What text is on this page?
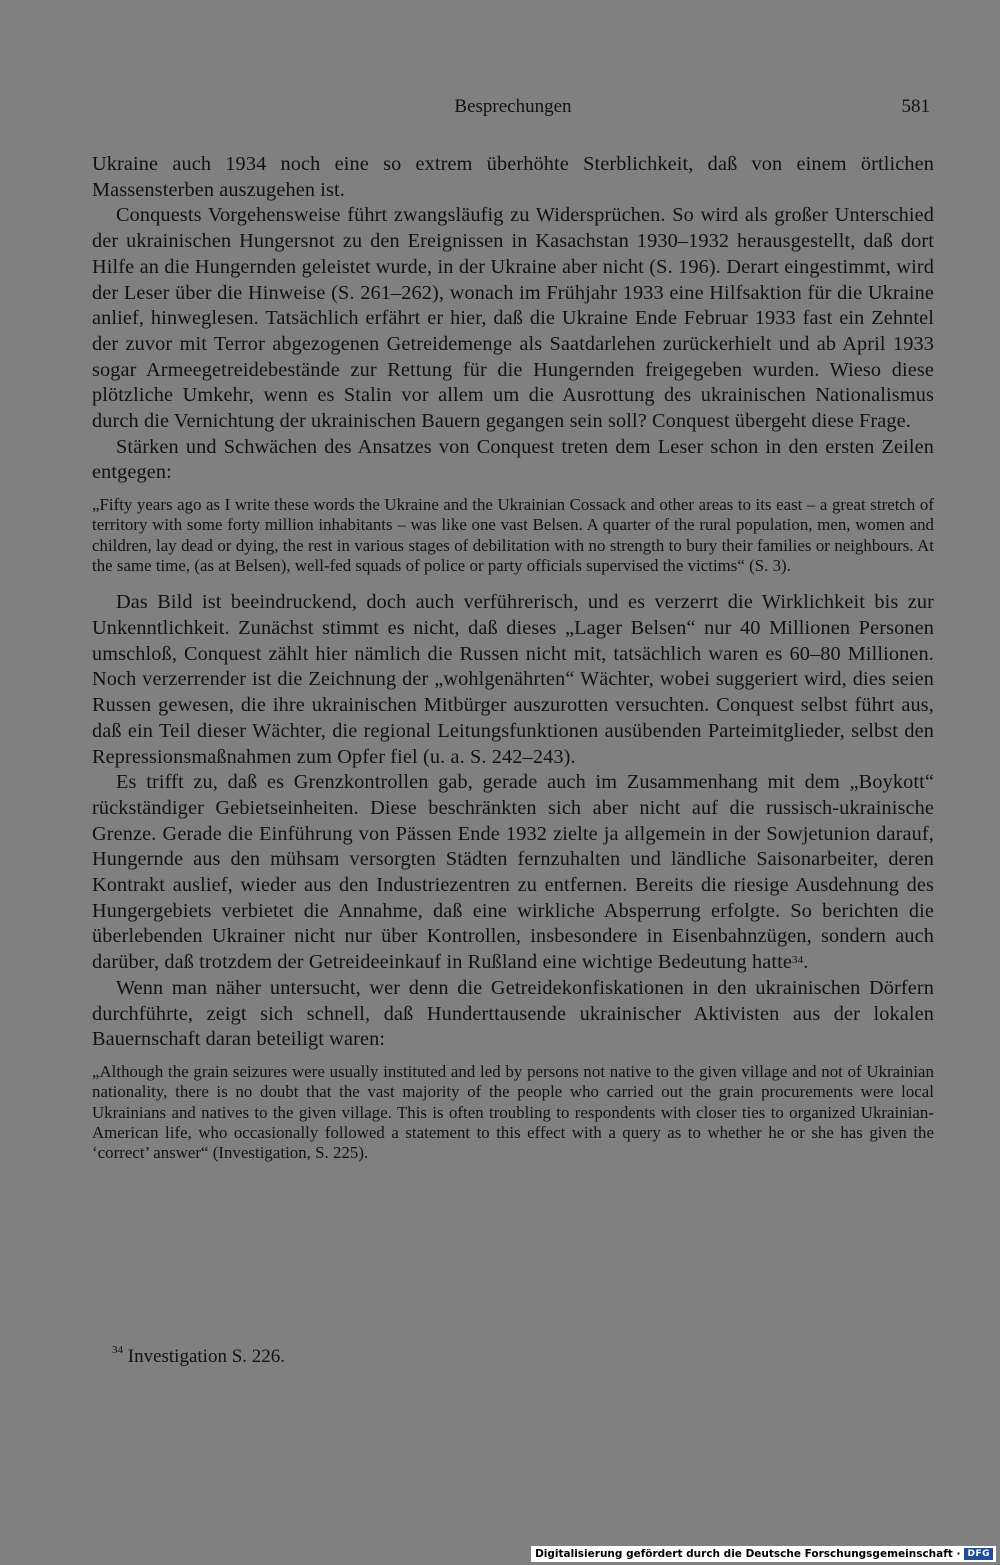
Besprechungen	581

Ukraine auch 1934 noch eine so extrem überhöhte Sterblichkeit, daß von einem örtlichen Massensterben auszugehen ist.

Conquests Vorgehensweise führt zwangsläufig zu Widersprüchen. So wird als großer Unterschied der ukrainischen Hungersnot zu den Ereignissen in Kasachstan 1930–1932 herausgestellt, daß dort Hilfe an die Hungernden geleistet wurde, in der Ukraine aber nicht (S. 196). Derart eingestimmt, wird der Leser über die Hinweise (S. 261–262), wonach im Frühjahr 1933 eine Hilfsaktion für die Ukraine anlief, hinweglesen. Tatsächlich erfährt er hier, daß die Ukraine Ende Februar 1933 fast ein Zehntel der zuvor mit Terror abgezogenen Getreidemenge als Saatdarlehen zurückerhielt und ab April 1933 sogar Armeegetreidebestände zur Rettung für die Hungernden freigegeben wurden. Wieso diese plötzliche Umkehr, wenn es Stalin vor allem um die Ausrottung des ukrainischen Nationalismus durch die Vernichtung der ukrainischen Bauern gegangen sein soll? Conquest übergeht diese Frage.

Stärken und Schwächen des Ansatzes von Conquest treten dem Leser schon in den ersten Zeilen entgegen:

„Fifty years ago as I write these words the Ukraine and the Ukrainian Cossack and other areas to its east – a great stretch of territory with some forty million inhabitants – was like one vast Belsen. A quarter of the rural population, men, women and children, lay dead or dying, the rest in various stages of debilitation with no strength to bury their families or neighbours. At the same time, (as at Belsen), well-fed squads of police or party officials supervised the victims“ (S. 3).

Das Bild ist beeindruckend, doch auch verführerisch, und es verzerrt die Wirklichkeit bis zur Unkenntlichkeit. Zunächst stimmt es nicht, daß dieses „Lager Belsen“ nur 40 Millionen Personen umschloß, Conquest zählt hier nämlich die Russen nicht mit, tatsächlich waren es 60–80 Millionen. Noch verzerrender ist die Zeichnung der „wohlgenährten“ Wächter, wobei suggeriert wird, dies seien Russen gewesen, die ihre ukrainischen Mitbürger auszurotten versuchten. Conquest selbst führt aus, daß ein Teil dieser Wächter, die regional Leitungsfunktionen ausübenden Parteimitglieder, selbst den Repressionsmaßnahmen zum Opfer fiel (u. a. S. 242–243).

Es trifft zu, daß es Grenzkontrollen gab, gerade auch im Zusammenhang mit dem „Boykott“ rückständiger Gebietseinheiten. Diese beschränkten sich aber nicht auf die russisch-ukrainische Grenze. Gerade die Einführung von Pässen Ende 1932 zielte ja allgemein in der Sowjetunion darauf, Hungernde aus den mühsam versorgten Städten fernzuhalten und ländliche Saisonarbeiter, deren Kontrakt auslief, wieder aus den Industriezentren zu entfernen. Bereits die riesige Ausdehnung des Hungergebiets verbietet die Annahme, daß eine wirkliche Absperrung erfolgte. So berichten die überlebenden Ukrainer nicht nur über Kontrollen, insbesondere in Eisenbahnzügen, sondern auch darüber, daß trotzdem der Getreideeinkauf in Rußland eine wichtige Bedeutung hatte$^{34}$.

Wenn man näher untersucht, wer denn die Getreidekonfiskationen in den ukrainischen Dörfern durchführte, zeigt sich schnell, daß Hunderttausende ukrainischer Aktivisten aus der lokalen Bauernschaft daran beteiligt waren:

„Although the grain seizures were usually instituted and led by persons not native to the given village and not of Ukrainian nationality, there is no doubt that the vast majority of the people who carried out the grain procurements were local Ukrainians and natives to the given village. This is often troubling to respondents with closer ties to organized Ukrainian-American life, who occasionally followed a statement to this effect with a query as to whether he or she has given the ‘correct’ answer“ (Investigation, S. 225).

$^{34}$ Investigation S. 226.
Digitalisierung gefördert durch die Deutsche Forschungsgemeinschaft · DFG
